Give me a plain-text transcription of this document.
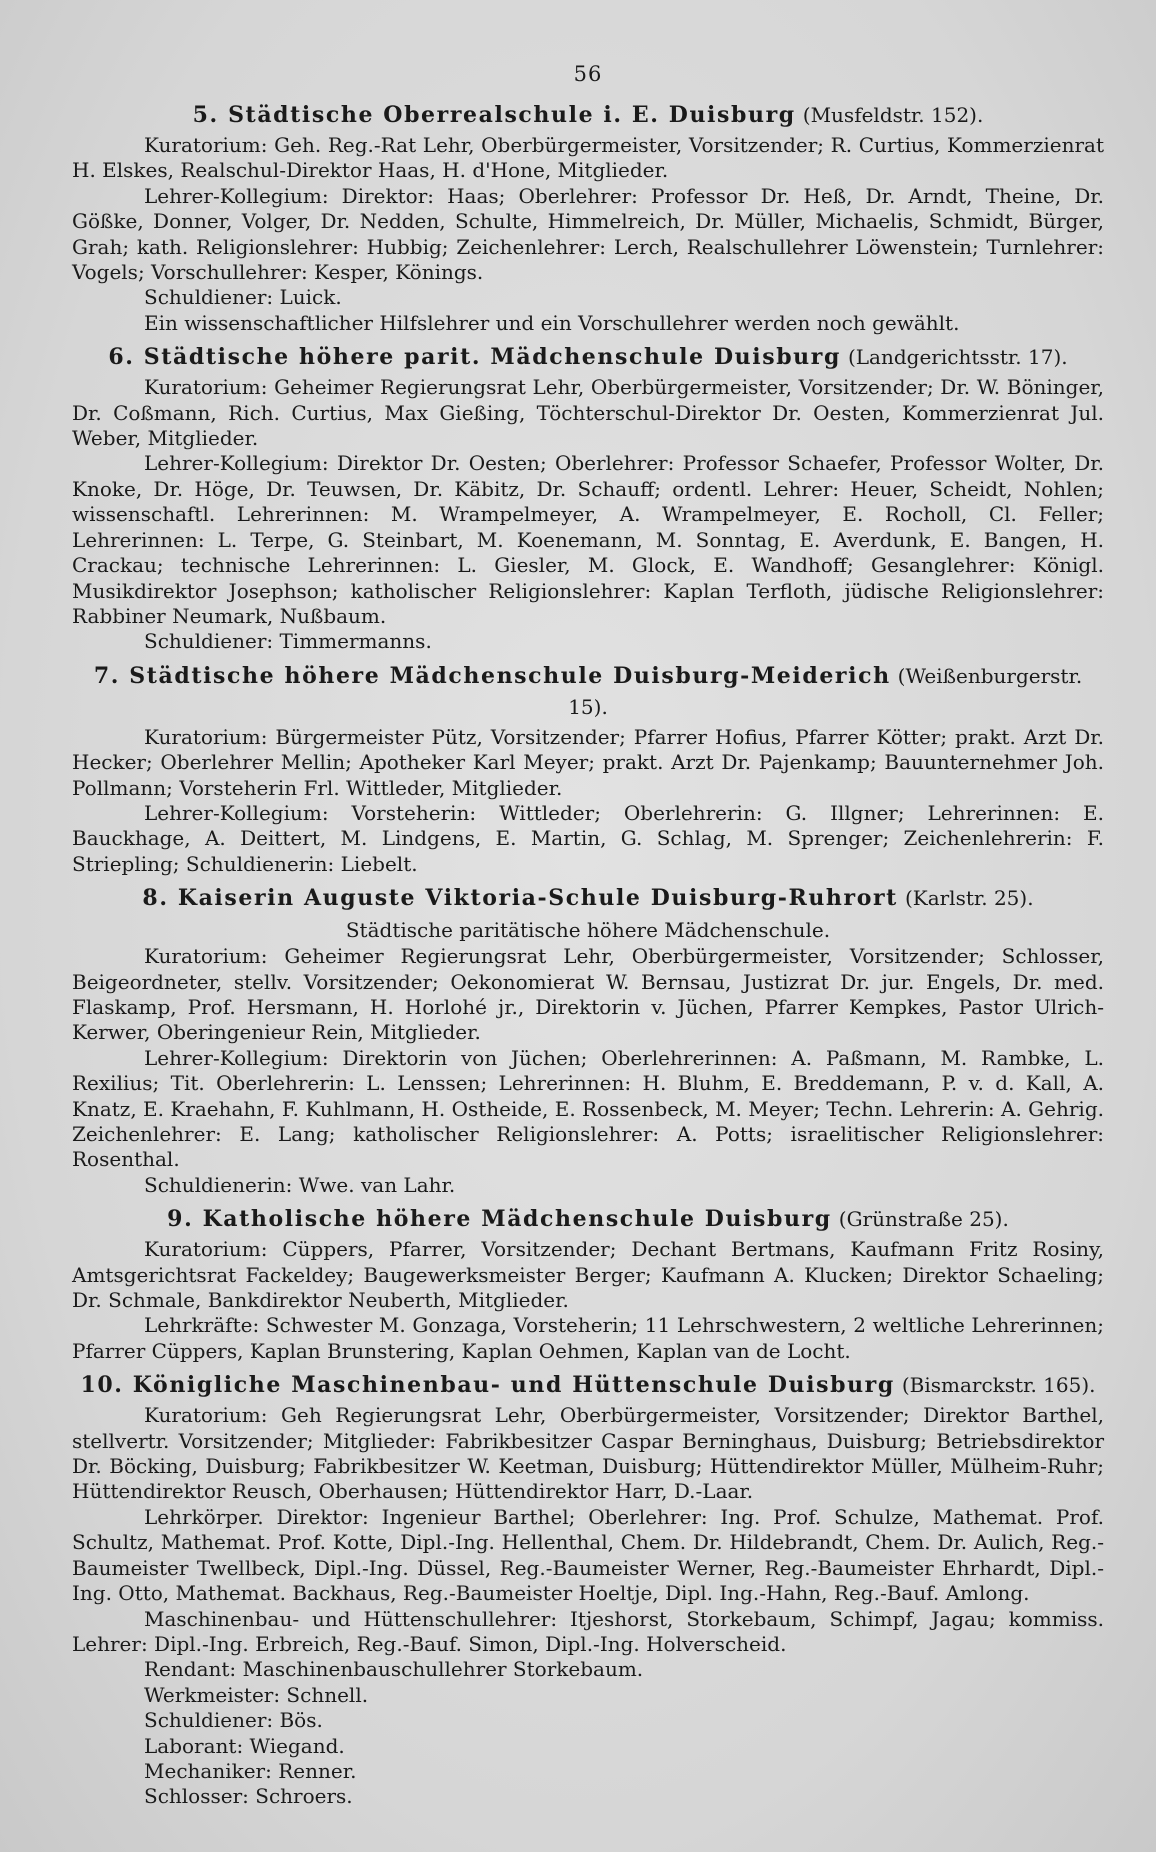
56
5. Städtische Oberrealschule i. E. Duisburg (Musfeldstr. 152).

Kuratorium: Geh. Reg.-Rat Lehr, Oberbürgermeister, Vorsitzender; R. Curtius, Kommerzienrat H. Elskes, Realschul-Direktor Haas, H. d'Hone, Mitglieder.

Lehrer-Kollegium: Direktor: Haas; Oberlehrer: Professor Dr. Heß, Dr. Arndt, Theine, Dr. Gößke, Donner, Volger, Dr. Nedden, Schulte, Himmelreich, Dr. Müller, Michaelis, Schmidt, Bürger, Grah; kath. Religionslehrer: Hubbig; Zeichenlehrer: Lerch, Realschullehrer Löwenstein; Turnlehrer: Vogels; Vorschullehrer: Kesper, Könings.

Schuldiener: Luick.

Ein wissenschaftlicher Hilfslehrer und ein Vorschullehrer werden noch gewählt.

6. Städtische höhere parit. Mädchenschule Duisburg (Landgerichtsstr. 17).

Kuratorium: Geheimer Regierungsrat Lehr, Oberbürgermeister, Vorsitzender; Dr. W. Böninger, Dr. Coßmann, Rich. Curtius, Max Gießing, Töchterschul-Direktor Dr. Oesten, Kommerzienrat Jul. Weber, Mitglieder.

Lehrer-Kollegium: Direktor Dr. Oesten; Oberlehrer: Professor Schaefer, Professor Wolter, Dr. Knoke, Dr. Höge, Dr. Teuwsen, Dr. Käbitz, Dr. Schauff; ordentl. Lehrer: Heuer, Scheidt, Nohlen; wissenschaftl. Lehrerinnen: M. Wrampelmeyer, A. Wrampelmeyer, E. Rocholl, Cl. Feller; Lehrerinnen: L. Terpe, G. Steinbart, M. Koenemann, M. Sonntag, E. Averdunk, E. Bangen, H. Crackau; technische Lehrerinnen: L. Giesler, M. Glock, E. Wandhoff; Gesanglehrer: Königl. Musikdirektor Josephson; katholischer Religionslehrer: Kaplan Terfloth, jüdische Religionslehrer: Rabbiner Neumark, Nußbaum.

Schuldiener: Timmermanns.

7. Städtische höhere Mädchenschule Duisburg-Meiderich (Weißenburgerstr. 15).

Kuratorium: Bürgermeister Pütz, Vorsitzender; Pfarrer Hofius, Pfarrer Kötter; prakt. Arzt Dr. Hecker; Oberlehrer Mellin; Apotheker Karl Meyer; prakt. Arzt Dr. Pajenkamp; Bauunternehmer Joh. Pollmann; Vorsteherin Frl. Wittleder, Mitglieder.

Lehrer-Kollegium: Vorsteherin: Wittleder; Oberlehrerin: G. Illgner; Lehrerinnen: E. Bauckhage, A. Deittert, M. Lindgens, E. Martin, G. Schlag, M. Sprenger; Zeichenlehrerin: F. Striepling; Schuldienerin: Liebelt.

8. Kaiserin Auguste Viktoria-Schule Duisburg-Ruhrort (Karlstr. 25).

Städtische paritätische höhere Mädchenschule.

Kuratorium: Geheimer Regierungsrat Lehr, Oberbürgermeister, Vorsitzender; Schlosser, Beigeordneter, stellv. Vorsitzender; Oekonomierat W. Bernsau, Justizrat Dr. jur. Engels, Dr. med. Flaskamp, Prof. Hersmann, H. Horlohé jr., Direktorin v. Jüchen, Pfarrer Kempkes, Pastor Ulrich-Kerwer, Oberingenieur Rein, Mitglieder.

Lehrer-Kollegium: Direktorin von Jüchen; Oberlehrerinnen: A. Paßmann, M. Rambke, L. Rexilius; Tit. Oberlehrerin: L. Lenssen; Lehrerinnen: H. Bluhm, E. Breddemann, P. v. d. Kall, A. Knatz, E. Kraehahn, F. Kuhlmann, H. Ostheide, E. Rossenbeck, M. Meyer; Techn. Lehrerin: A. Gehrig. Zeichenlehrer: E. Lang; katholischer Religionslehrer: A. Potts; israelitischer Religionslehrer: Rosenthal.

Schuldienerin: Wwe. van Lahr.

9. Katholische höhere Mädchenschule Duisburg (Grünstraße 25).

Kuratorium: Cüppers, Pfarrer, Vorsitzender; Dechant Bertmans, Kaufmann Fritz Rosiny, Amtsgerichtsrat Fackeldey; Baugewerksmeister Berger; Kaufmann A. Klucken; Direktor Schaeling; Dr. Schmale, Bankdirektor Neuberth, Mitglieder.

Lehrkräfte: Schwester M. Gonzaga, Vorsteherin; 11 Lehrschwestern, 2 weltliche Lehrerinnen; Pfarrer Cüppers, Kaplan Brunstering, Kaplan Oehmen, Kaplan van de Locht.

10. Königliche Maschinenbau- und Hüttenschule Duisburg (Bismarckstr. 165).

Kuratorium: Geh Regierungsrat Lehr, Oberbürgermeister, Vorsitzender; Direktor Barthel, stellvertr. Vorsitzender; Mitglieder: Fabrikbesitzer Caspar Berninghaus, Duisburg; Betriebsdirektor Dr. Böcking, Duisburg; Fabrikbesitzer W. Keetman, Duisburg; Hüttendirektor Müller, Mülheim-Ruhr; Hüttendirektor Reusch, Oberhausen; Hüttendirektor Harr, D.-Laar.

Lehrkörper. Direktor: Ingenieur Barthel; Oberlehrer: Ing. Prof. Schulze, Mathemat. Prof. Schultz, Mathemat. Prof. Kotte, Dipl.-Ing. Hellenthal, Chem. Dr. Hildebrandt, Chem. Dr. Aulich, Reg.-Baumeister Twellbeck, Dipl.-Ing. Düssel, Reg.-Baumeister Werner, Reg.-Baumeister Ehrhardt, Dipl.-Ing. Otto, Mathemat. Backhaus, Reg.-Baumeister Hoeltje, Dipl. Ing.-Hahn, Reg.-Bauf. Amlong.

Maschinenbau- und Hüttenschullehrer: Itjeshorst, Storkebaum, Schimpf, Jagau; kommiss. Lehrer: Dipl.-Ing. Erbreich, Reg.-Bauf. Simon, Dipl.-Ing. Holverscheid.

Rendant: Maschinenbauschullehrer Storkebaum.

Werkmeister: Schnell.

Schuldiener: Bös.

Laborant: Wiegand.

Mechaniker: Renner.

Schlosser: Schroers.
